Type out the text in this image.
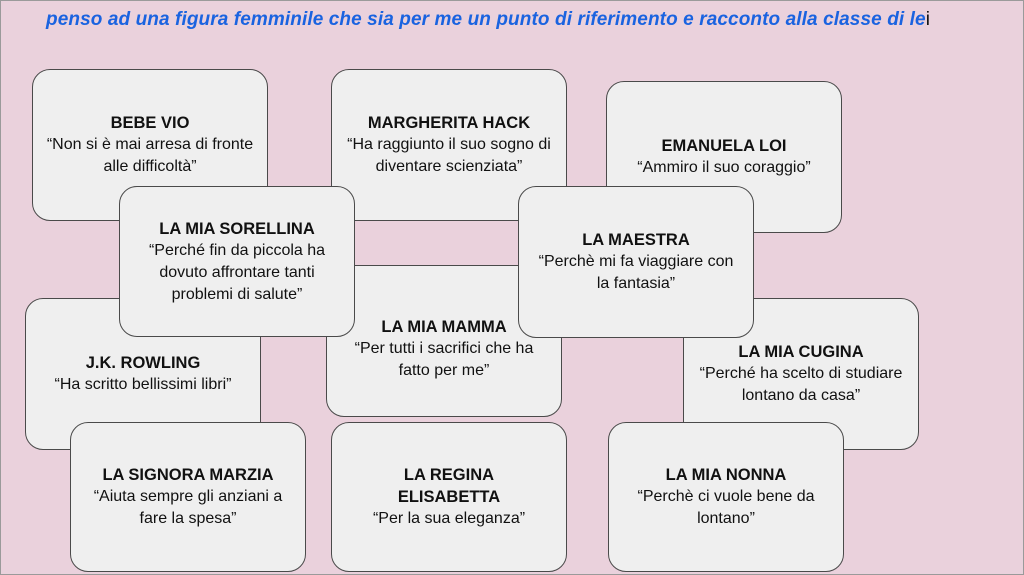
penso ad una figura femminile che sia per me un punto di riferimento e racconto alla classe di lei
BEBE VIO
“Non si è mai arresa di fronte alle difficoltà”
MARGHERITA HACK
“Ha raggiunto il suo sogno di diventare scienziata”
EMANUELA LOI
“Ammiro il suo coraggio”
J.K. ROWLING
“Ha scritto bellissimi libri”
LA MIA MAMMA
“Per tutti i sacrifici che ha fatto per me”
LA MIA CUGINA
“Perché ha scelto di studiare lontano da casa”
LA SIGNORA MARZIA
“Aiuta sempre gli anziani a fare la spesa”
LA REGINA ELISABETTA
“Per la sua eleganza”
LA MIA NONNA
“Perchè ci vuole bene da lontano”
LA MIA SORELLINA
“Perché fin da piccola ha dovuto affrontare tanti problemi di salute”
LA MAESTRA
“Perchè mi fa viaggiare con la fantasia”
